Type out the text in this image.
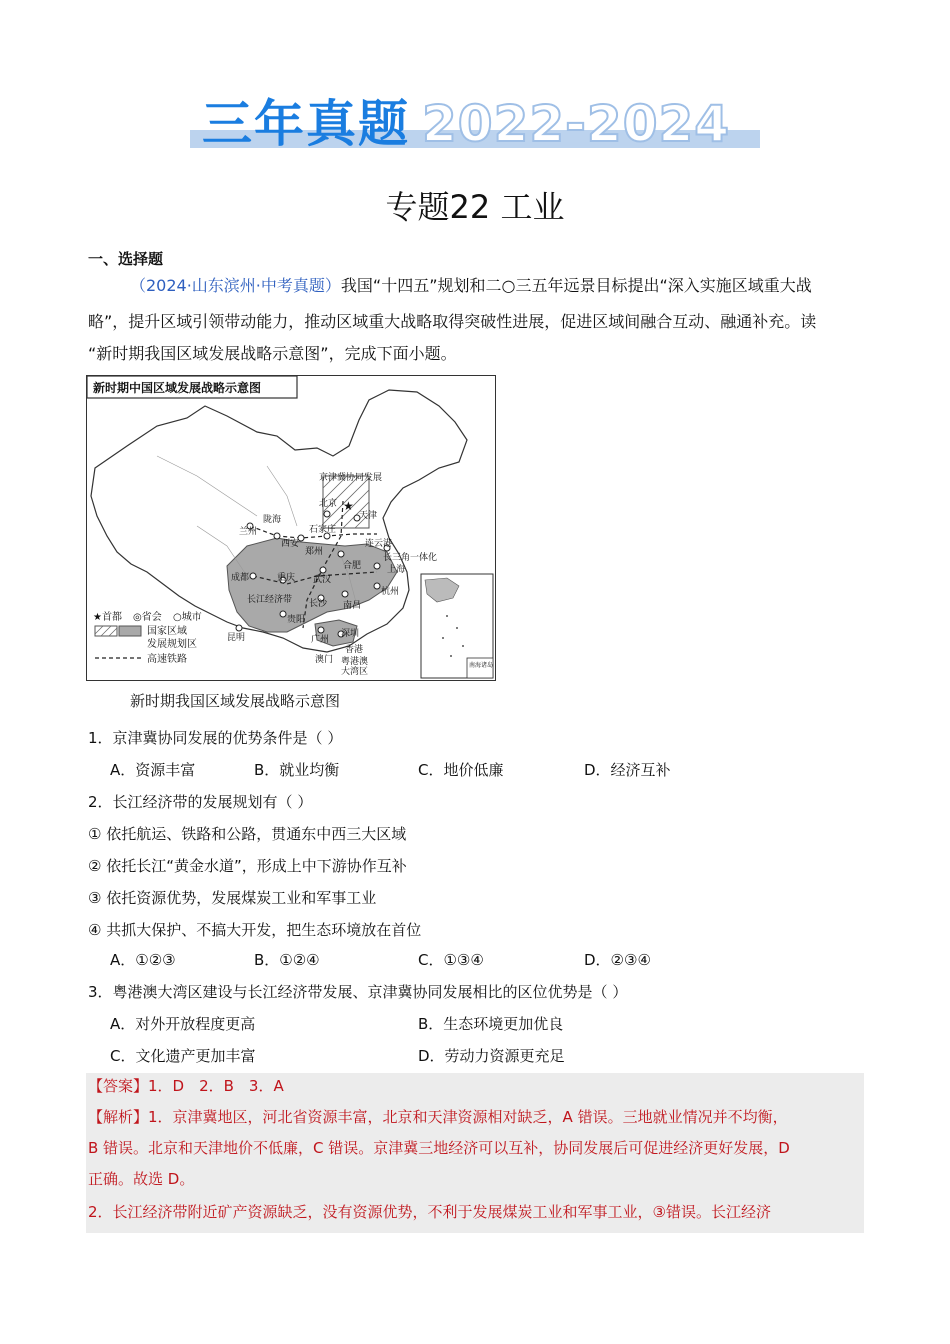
三年真题 2022-2024
专题22 工业
一、选择题
（2024·山东滨州·中考真题）我国“十四五”规划和二○三五年远景目标提出“深入实施区域重大战
略”，提升区域引领带动能力，推动区域重大战略取得突破性进展，促进区域间融合互动、融通补充。读
“新时期我国区域发展战略示意图”，完成下面小题。
新时期中国区域发展战略示意图
★
京津冀协同发展
北京
天津
石家庄
兰州
西安
郑州
连云港
长三角一体化
合肥	上海
成都	重庆 武汉
杭州
长沙 南昌
贵阳
昆明	广州
深圳
澳门
香港
粤港澳
大湾区
陇海
长江经济带
南海诸岛
★首都 ◎省会 ○城市
国家区域
发展规划区
高速铁路
新时期我国区域发展战略示意图
1．京津冀协同发展的优势条件是（ ）
A．资源丰富	B．就业均衡	C．地价低廉	D．经济互补
2．长江经济带的发展规划有（ ）
① 依托航运、铁路和公路，贯通东中西三大区域
② 依托长江“黄金水道”，形成上中下游协作互补
③ 依托资源优势，发展煤炭工业和军事工业
④ 共抓大保护、不搞大开发，把生态环境放在首位
A．①②③	B．①②④	C．①③④	D．②③④
3．粤港澳大湾区建设与长江经济带发展、京津冀协同发展相比的区位优势是（ ）
A．对外开放程度更高	B．生态环境更加优良
C．文化遗产更加丰富	D．劳动力资源更充足
【答案】1．D　2．B　3．A
【解析】1．京津冀地区，河北省资源丰富，北京和天津资源相对缺乏，A 错误。三地就业情况并不均衡，
B 错误。北京和天津地价不低廉，C 错误。京津冀三地经济可以互补，协同发展后可促进经济更好发展，D
正确。故选 D。
2．长江经济带附近矿产资源缺乏，没有资源优势，不利于发展煤炭工业和军事工业，③错误。长江经济
